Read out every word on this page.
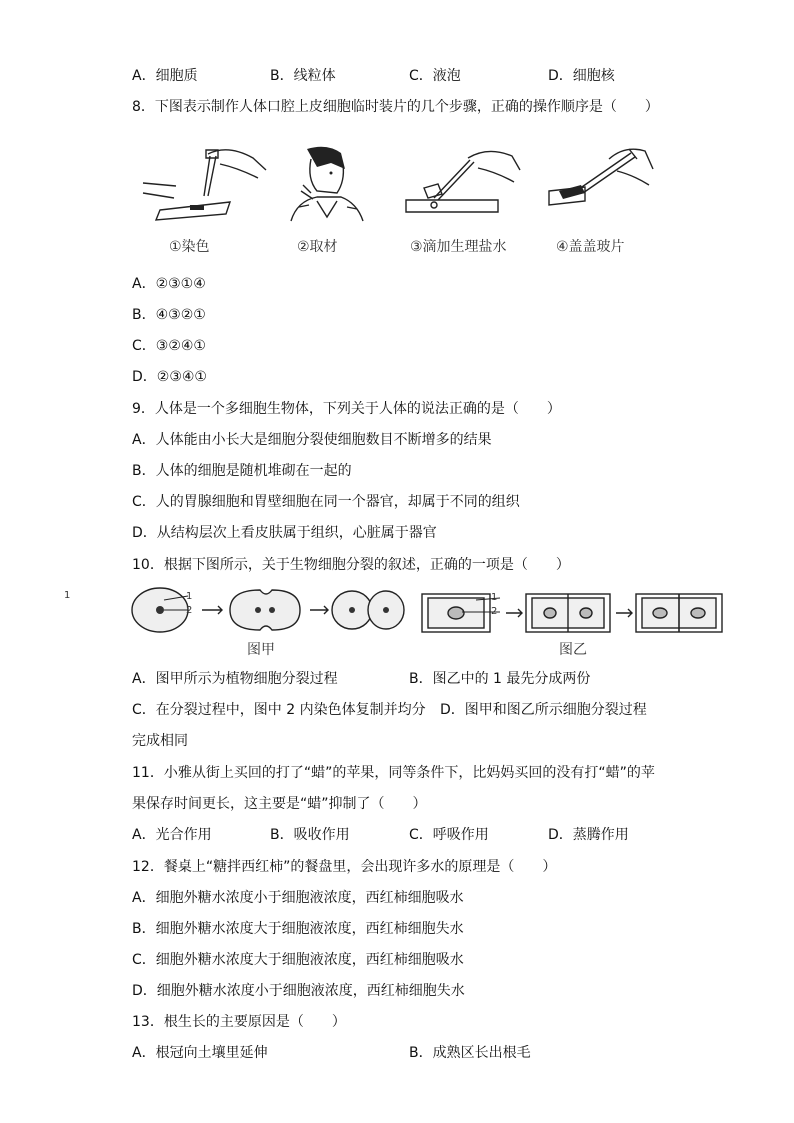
A．细胞质	B．线粒体	C．液泡	D．细胞核
8．下图表示制作人体口腔上皮细胞临时装片的几个步骤，正确的操作顺序是（　　）
①染色	②取材	③滴加生理盐水	④盖盖玻片
A．②③①④
B．④③②①
C．③②④①
D．②③④①
9．人体是一个多细胞生物体，下列关于人体的说法正确的是（　　）
A．人体能由小长大是细胞分裂使细胞数目不断增多的结果
B．人体的细胞是随机堆砌在一起的
C．人的胃腺细胞和胃壁细胞在同一个器官，却属于不同的组织
D．从结构层次上看皮肤属于组织，心脏属于器官
10．根据下图所示，关于生物细胞分裂的叙述，正确的一项是（　　）
1	1
2
1
2
图甲	图乙
A．图甲所示为植物细胞分裂过程	B．图乙中的 1 最先分成两份
C．在分裂过程中，图中 2 内染色体复制并均分 D．图甲和图乙所示细胞分裂过程
完成相同
11．小雅从街上买回的打了“蜡”的苹果，同等条件下，比妈妈买回的没有打“蜡”的苹
果保存时间更长，这主要是“蜡”抑制了（　　）
A．光合作用	B．吸收作用	C．呼吸作用	D．蒸腾作用
12．餐桌上“糖拌西红柿”的餐盘里，会出现许多水的原理是（　　）
A．细胞外糖水浓度小于细胞液浓度，西红柿细胞吸水
B．细胞外糖水浓度大于细胞液浓度，西红柿细胞失水
C．细胞外糖水浓度大于细胞液浓度，西红柿细胞吸水
D．细胞外糖水浓度小于细胞液浓度，西红柿细胞失水
13．根生长的主要原因是（　　）
A．根冠向土壤里延伸	B．成熟区长出根毛
